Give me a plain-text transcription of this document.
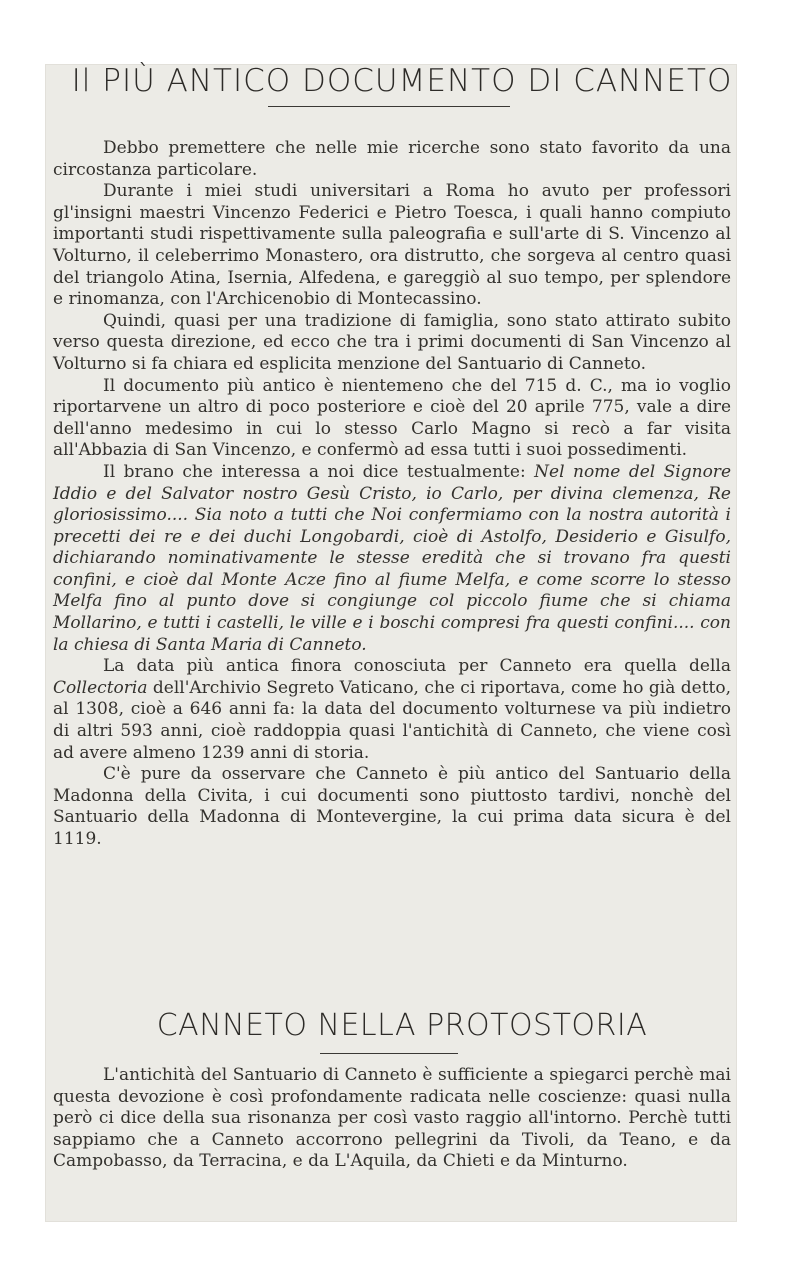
Il PIÙ ANTICO DOCUMENTO DI CANNETO

Debbo premettere che nelle mie ricerche sono stato favorito da una circostanza particolare.

Durante i miei studi universitari a Roma ho avuto per professori gl'insigni maestri Vincenzo Federici e Pietro Toesca, i quali hanno compiuto importanti studi rispettivamente sulla paleografia e sull'arte di S. Vincenzo al Volturno, il celeberrimo Monastero, ora distrutto, che sorgeva al centro quasi del triangolo Atina, Isernia, Alfedena, e gareggiò al suo tempo, per splendore e rinomanza, con l'Archicenobio di Montecassino.

Quindi, quasi per una tradizione di famiglia, sono stato attirato subito verso questa direzione, ed ecco che tra i primi documenti di San Vincenzo al Volturno si fa chiara ed esplicita menzione del Santuario di Canneto.

Il documento più antico è nientemeno che del 715 d. C., ma io voglio riportarvene un altro di poco posteriore e cioè del 20 aprile 775, vale a dire dell'anno medesimo in cui lo stesso Carlo Magno si recò a far visita all'Abbazia di San Vincenzo, e confermò ad essa tutti i suoi possedimenti.

Il brano che interessa a noi dice testualmente: Nel nome del Signore Iddio e del Salvator nostro Gesù Cristo, io Carlo, per divina clemenza, Re gloriosissimo.... Sia noto a tutti che Noi confermiamo con la nostra autorità i precetti dei re e dei duchi Longobardi, cioè di Astolfo, Desiderio e Gisulfo, dichiarando nominativamente le stesse eredità che si trovano fra questi confini, e cioè dal Monte Acze fino al fiume Melfa, e come scorre lo stesso Melfa fino al punto dove si congiunge col piccolo fiume che si chiama Mollarino, e tutti i castelli, le ville e i boschi compresi fra questi confini.... con la chiesa di Santa Maria di Canneto.

La data più antica finora conosciuta per Canneto era quella della Collectoria dell'Archivio Segreto Vaticano, che ci riportava, come ho già detto, al 1308, cioè a 646 anni fa: la data del documento volturnese va più indietro di altri 593 anni, cioè raddoppia quasi l'antichità di Canneto, che viene così ad avere almeno 1239 anni di storia.

C'è pure da osservare che Canneto è più antico del Santuario della Madonna della Civita, i cui documenti sono piuttosto tardivi, nonchè del Santuario della Madonna di Montevergine, la cui prima data sicura è del 1119.

CANNETO NELLA PROTOSTORIA

L'antichità del Santuario di Canneto è sufficiente a spiegarci perchè mai questa devozione è così profondamente radicata nelle coscienze: quasi nulla però ci dice della sua risonanza per così vasto raggio all'intorno. Perchè tutti sappiamo che a Canneto accorrono pellegrini da Tivoli, da Teano, e da Campobasso, da Terracina, e da L'Aquila, da Chieti e da Minturno.
